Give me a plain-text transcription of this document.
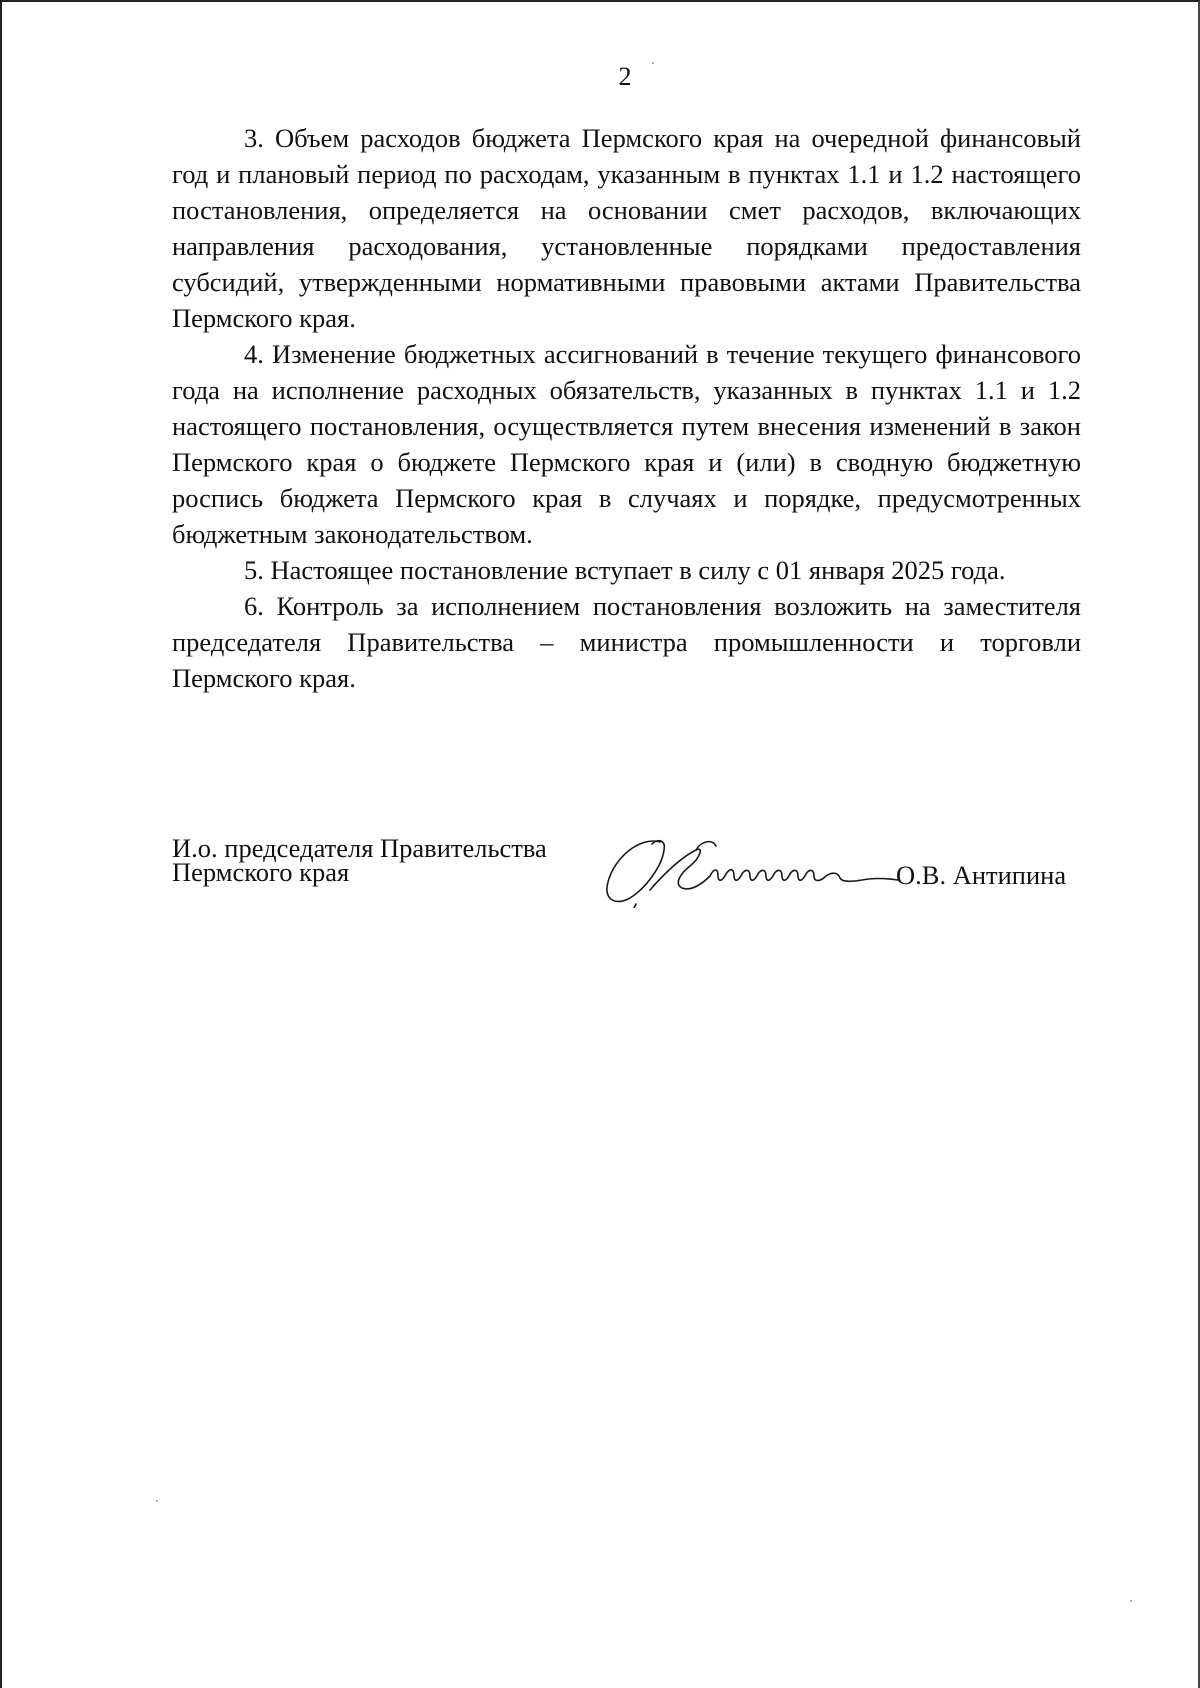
2

3. Объем расходов бюджета Пермского края на очередной финансовый год и плановый период по расходам, указанным в пунктах 1.1 и 1.2 настоящего постановления, определяется на основании смет расходов, включающих направления расходования, установленные порядками предоставления субсидий, утвержденными нормативными правовыми актами Правительства Пермского края.

4. Изменение бюджетных ассигнований в течение текущего финансового года на исполнение расходных обязательств, указанных в пунктах 1.1 и 1.2 настоящего постановления, осуществляется путем внесения изменений в закон Пермского края о бюджете Пермского края и (или) в сводную бюджетную роспись бюджета Пермского края в случаях и порядке, предусмотренных бюджетным законодательством.

5. Настоящее постановление вступает в силу с 01 января 2025 года.

6. Контроль за исполнением постановления возложить на заместителя председателя Правительства – министра промышленности и торговли Пермского края.

И.о. председателя Правительства
Пермского края	О.В. Антипина
